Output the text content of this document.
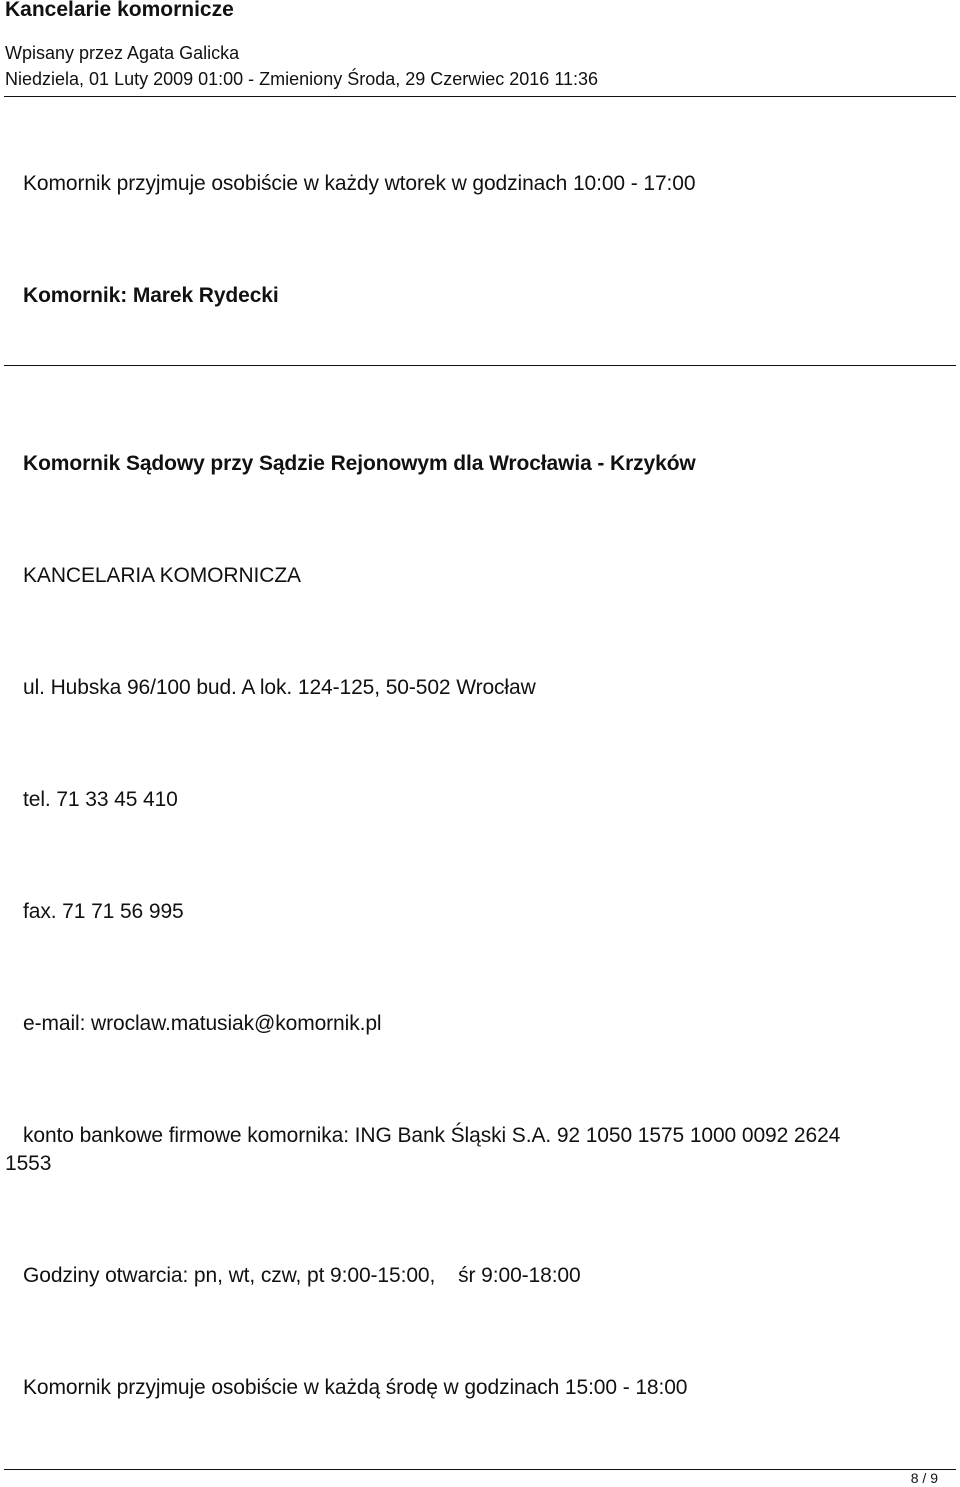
Kancelarie komornicze
Wpisany przez Agata Galicka
Niedziela, 01 Luty 2009 01:00 - Zmieniony Środa, 29 Czerwiec 2016 11:36
Komornik przyjmuje osobiście w każdy wtorek w godzinach 10:00 - 17:00
Komornik: Marek Rydecki
Komornik Sądowy przy Sądzie Rejonowym dla Wrocławia - Krzyków
KANCELARIA KOMORNICZA
ul. Hubska 96/100 bud. A lok. 124-125, 50-502 Wrocław
tel. 71 33 45 410
fax. 71 71 56 995
e-mail: wroclaw.matusiak@komornik.pl
konto bankowe firmowe komornika: ING Bank Śląski S.A. 92 1050 1575 1000 0092 2624
1553
Godziny otwarcia: pn, wt, czw, pt 9:00-15:00,    śr 9:00-18:00
Komornik przyjmuje osobiście w każdą środę w godzinach 15:00 - 18:00
8 / 9
